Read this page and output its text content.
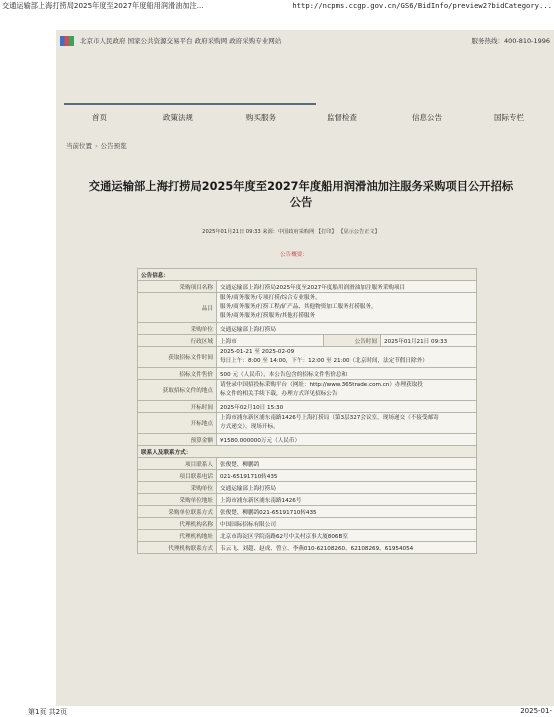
交通运输部上海打捞局2025年度至2027年度船用润滑油加注...	http://ncpms.ccgp.gov.cn/GS6/BidInfo/preview2?bidCategory...
北京市人民政府 国家公共资源交易平台 政府采购网 政府采购专业网站	服务热线：400-810-1996
首页	政策法规	购买服务	监督检查	信息公告	国际专栏
当前位置 › 公告预览
交通运输部上海打捞局2025年度至2027年度船用润滑油加注服务采购项目公开招标
公告
2025年01月21日 09:33 来源：中国政府采购网 【打印】 【显示公告正文】
公告概要：
公告信息：			
采购项目名称	交通运输部上海打捞局2025年度至2027年度船用润滑油加注服务采购项目		
品目	服务/商务服务/专项打捞/综合专业服务，
服务/商务服务/打捞工程/矿产品、其他物资加工服务打捞服务，
服务/商务服务/打捞服务/其他打捞服务		

采购单位	交通运输部上海打捞局		
行政区域	上海市	公告时间	2025年01月21日 09:33
获取招标文件时间	2025-01-21 至 2025-02-09
每日上午：8:00 至 14:00，下午：12:00 至 21:00（北京时间，法定节假日除外）		

招标文件售价	500 元（人民币），本公告包含的招标文件售价总和		
获取招标文件的地点	请登录中国招投标采购平台（网址：http://www.365trade.com.cn）办理获取投
标文件的相关手续下载，办理方式详见招标公告		

开标时间	2025年02月10日 15:30		
开标地点	上海市浦东新区浦东南路1426号上海打捞局（第3层327会议室，现场递交（不接受邮寄
方式递交），现场开标。		

预算金额	¥1580.000000万元（人民币）		
联系人及联系方式：			
项目联系人	张俊楚、柳鹏鸽		
项目联系电话	021-65191710转435		
采购单位	交通运输部上海打捞局		
采购单位地址	上海市浦东新区浦东南路1426号		
采购单位联系方式	张俊楚、柳鹏鸽021-65191710转435		
代理机构名称	中国国际招标有限公司		
代理机构地址	北京市海淀区学院南路62号中关村京事大厦806B室		
代理机构联系方式	韦云飞、刘超、赵成、曾立、李燕010-62108260、62108269、61954054		
第1页 共2页	2025-01-
